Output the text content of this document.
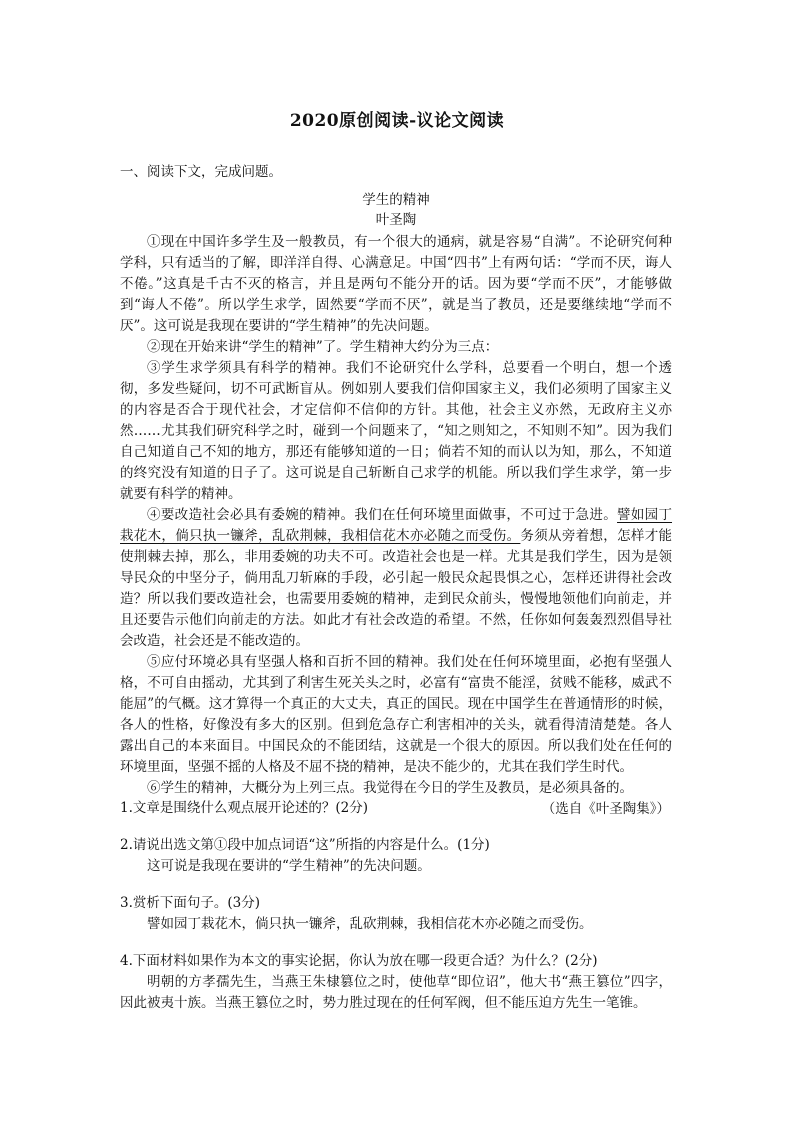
2020原创阅读-议论文阅读
一、阅读下文，完成问题。
学生的精神
叶圣陶

①现在中国许多学生及一般教员，有一个很大的通病，就是容易“自满”。不论研究何种学科，只有适当的了解，即洋洋自得、心满意足。中国“四书”上有两句话：“学而不厌，诲人不倦。”这真是千古不灭的格言，并且是两句不能分开的话。因为要“学而不厌”，才能够做到“诲人不倦”。所以学生求学，固然要“学而不厌”，就是当了教员，还是要继续地“学而不厌”。这可说是我现在要讲的“学生精神”的先决问题。

②现在开始来讲“学生的精神”了。学生精神大约分为三点：

③学生求学须具有科学的精神。我们不论研究什么学科，总要看一个明白，想一个透彻，多发些疑问，切不可武断盲从。例如别人要我们信仰国家主义，我们必须明了国家主义的内容是否合于现代社会，才定信仰不信仰的方针。其他，社会主义亦然，无政府主义亦然……尤其我们研究科学之时，碰到一个问题来了，“知之则知之，不知则不知”。因为我们自己知道自己不知的地方，那还有能够知道的一日；倘若不知的而认以为知，那么，不知道的终究没有知道的日子了。这可说是自己斩断自己求学的机能。所以我们学生求学，第一步就要有科学的精神。

④要改造社会必具有委婉的精神。我们在任何环境里面做事，不可过于急进。譬如园丁栽花木，倘只执一镰斧，乱砍荆棘，我相信花木亦必随之而受伤。务须从旁着想，怎样才能使荆棘去掉，那么，非用委婉的功夫不可。改造社会也是一样。尤其是我们学生，因为是领导民众的中坚分子，倘用乱刀斩麻的手段，必引起一般民众起畏惧之心，怎样还讲得社会改造？所以我们要改造社会，也需要用委婉的精神，走到民众前头，慢慢地领他们向前走，并且还要告示他们向前走的方法。如此才有社会改造的希望。不然，任你如何轰轰烈烈倡导社会改造，社会还是不能改造的。

⑤应付环境必具有坚强人格和百折不回的精神。我们处在任何环境里面，必抱有坚强人格，不可自由摇动，尤其到了利害生死关头之时，必富有“富贵不能淫，贫贱不能移，威武不能屈”的气概。这才算得一个真正的大丈夫，真正的国民。现在中国学生在普通情形的时候，各人的性格，好像没有多大的区别。但到危急存亡利害相冲的关头，就看得清清楚楚。各人露出自己的本来面目。中国民众的不能团结，这就是一个很大的原因。所以我们处在任何的环境里面，坚强不摇的人格及不屈不挠的精神，是决不能少的，尤其在我们学生时代。

⑥学生的精神，大概分为上列三点。我觉得在今日的学生及教员，是必须具备的。

（选自《叶圣陶集》）

1.文章是围绕什么观点展开论述的？(2分)

2.请说出选文第①段中加点词语“这”所指的内容是什么。(1分)

这可说是我现在要讲的“学生精神”的先决问题。

3.赏析下面句子。(3分)

譬如园丁栽花木，倘只执一镰斧，乱砍荆棘，我相信花木亦必随之而受伤。

4.下面材料如果作为本文的事实论据，你认为放在哪一段更合适？为什么？(2分)

明朝的方孝孺先生，当燕王朱棣篡位之时，使他草“即位诏”，他大书“燕王篡位”四字，因此被夷十族。当燕王篡位之时，势力胜过现在的任何军阀，但不能压迫方先生一笔锥。
